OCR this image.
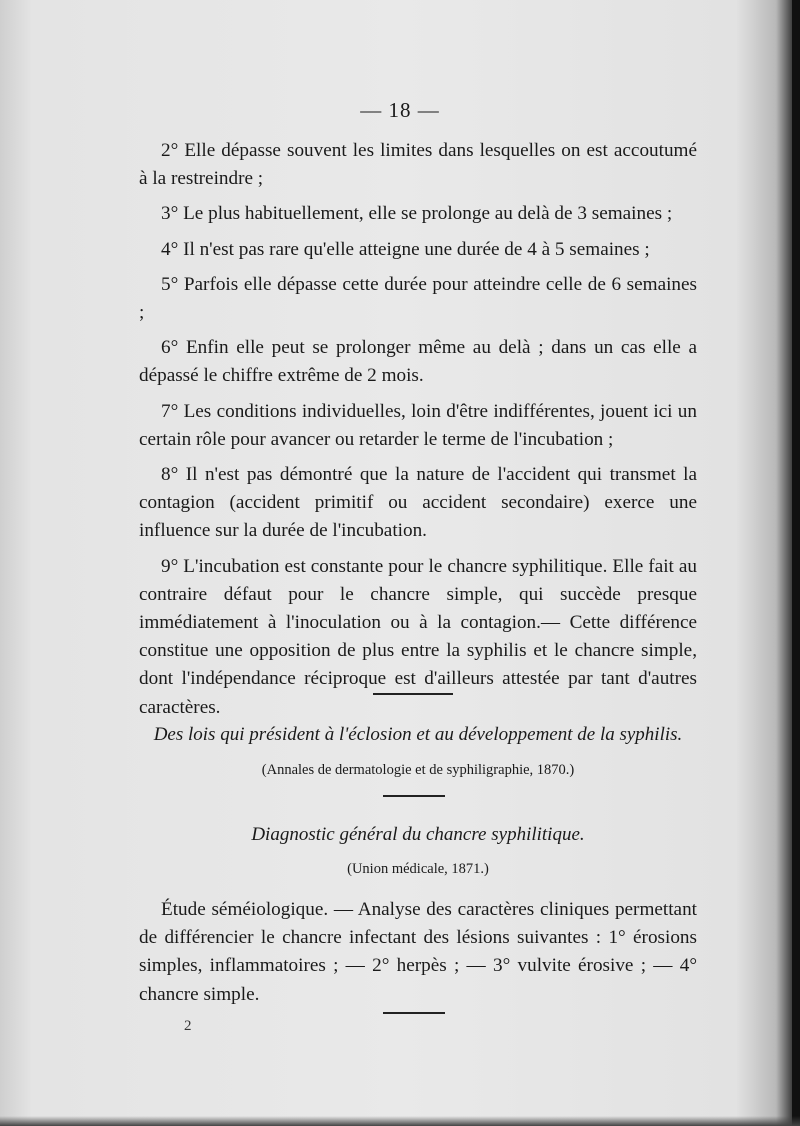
— 18 —

2° Elle dépasse souvent les limites dans lesquelles on est accoutumé à la restreindre ;

3° Le plus habituellement, elle se prolonge au delà de 3 semaines ;

4° Il n'est pas rare qu'elle atteigne une durée de 4 à 5 semaines ;

5° Parfois elle dépasse cette durée pour atteindre celle de 6 semaines ;

6° Enfin elle peut se prolonger même au delà ; dans un cas elle a dépassé le chiffre extrême de 2 mois.

7° Les conditions individuelles, loin d'être indifférentes, jouent ici un certain rôle pour avancer ou retarder le terme de l'incubation ;

8° Il n'est pas démontré que la nature de l'accident qui transmet la contagion (accident primitif ou accident secondaire) exerce une influence sur la durée de l'incubation.

9° L'incubation est constante pour le chancre syphilitique. Elle fait au contraire défaut pour le chancre simple, qui succède presque immédiatement à l'inoculation ou à la contagion.— Cette différence constitue une opposition de plus entre la syphilis et le chancre simple, dont l'indépendance réciproque est d'ailleurs attestée par tant d'autres caractères.

Des lois qui président à l'éclosion et au développement de la syphilis.
(Annales de dermatologie et de syphiligraphie, 1870.)
Diagnostic général du chancre syphilitique.
(Union médicale, 1871.)

Étude séméiologique. — Analyse des caractères cliniques permettant de différencier le chancre infectant des lésions suivantes : 1° érosions simples, inflammatoires ; — 2° herpès ; — 3° vulvite érosive ; — 4° chancre simple.

2
